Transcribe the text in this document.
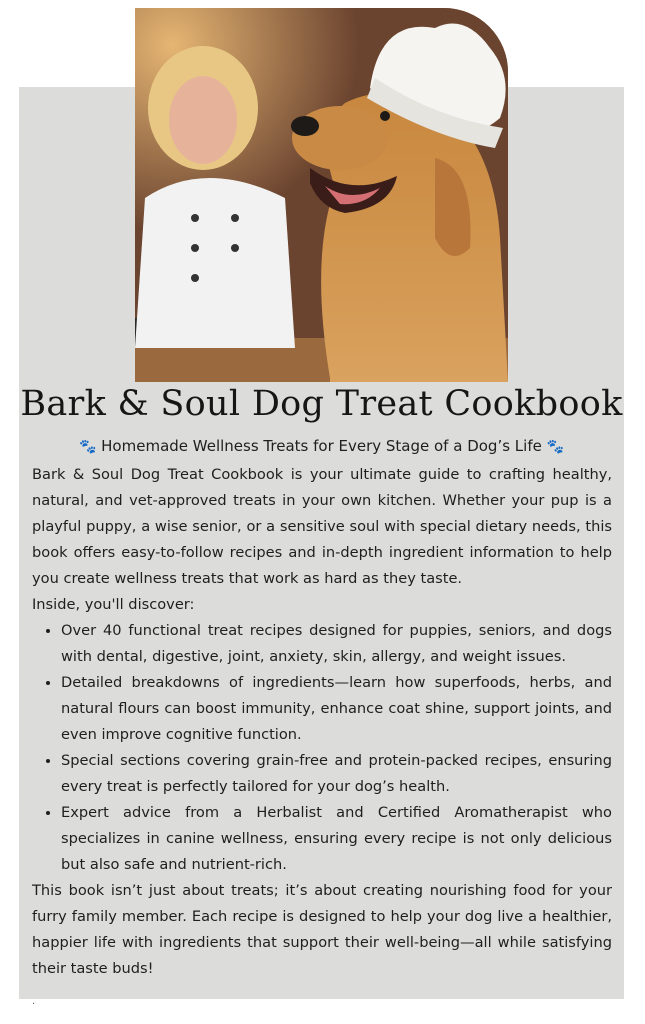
Bark & Soul Dog Treat Cookbook

🐾 Homemade Wellness Treats for Every Stage of a Dog’s Life 🐾

Bark & Soul Dog Treat Cookbook is your ultimate guide to crafting healthy, natural, and vet-approved treats in your own kitchen. Whether your pup is a playful puppy, a wise senior, or a sensitive soul with special dietary needs, this book offers easy-to-follow recipes and in-depth ingredient information to help you create wellness treats that work as hard as they taste.

Inside, you'll discover:

• Over 40 functional treat recipes designed for puppies, seniors, and dogs with dental, digestive, joint, anxiety, skin, allergy, and weight issues.
• Detailed breakdowns of ingredients—learn how superfoods, herbs, and natural flours can boost immunity, enhance coat shine, support joints, and even improve cognitive function.
• Special sections covering grain-free and protein-packed recipes, ensuring every treat is perfectly tailored for your dog’s health.
• Expert advice from a Herbalist and Certified Aromatherapist who specializes in canine wellness, ensuring every recipe is not only delicious but also safe and nutrient-rich.

This book isn’t just about treats; it’s about creating nourishing food for your furry family member. Each recipe is designed to help your dog live a healthier, happier life with ingredients that support their well-being—all while satisfying their taste buds!

.
